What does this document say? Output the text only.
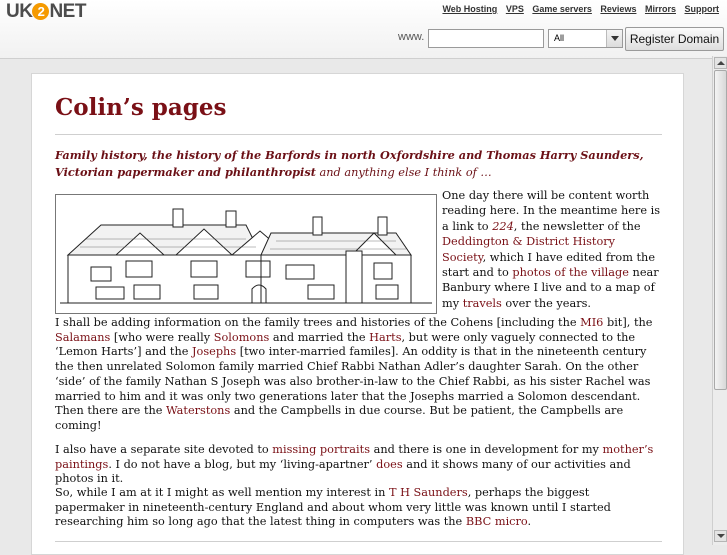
UK 2 NET	Web Hosting VPS Game servers Reviews Mirrors Support
www.	All	Register Domain
Colin’s pages
Family history, the history of the Barfords in north Oxfordshire and Thomas Harry Saunders, Victorian papermaker and philanthropist and anything else I think of …
One day there will be content worth reading here. In the meantime here is a link to 224, the newsletter of the Deddington & District History Society, which I have edited from the start and to photos of the village near Banbury where I live and to a map of my travels over the years.
I shall be adding information on the family trees and histories of the Cohens [including the MI6 bit], the Salamans [who were really Solomons and married the Harts, but were only vaguely connected to the ‘Lemon Harts’] and the Josephs [two inter-married familes]. An oddity is that in the nineteenth century the then unrelated Solomon family married Chief Rabbi Nathan Adler’s daughter Sarah. On the other ‘side’ of the family Nathan S Joseph was also brother-in-law to the Chief Rabbi, as his sister Rachel was married to him and it was only two generations later that the Josephs married a Solomon descendant. Then there are the Waterstons and the Campbells in due course. But be patient, the Campbells are coming!
I also have a separate site devoted to missing portraits and there is one in development for my mother’s paintings. I do not have a blog, but my ‘living-apartner’ does and it shows many of our activities and photos in it.
So, while I am at it I might as well mention my interest in T H Saunders, perhaps the biggest papermaker in nineteenth-century England and about whom very little was known until I started researching him so long ago that the latest thing in computers was the BBC micro.
